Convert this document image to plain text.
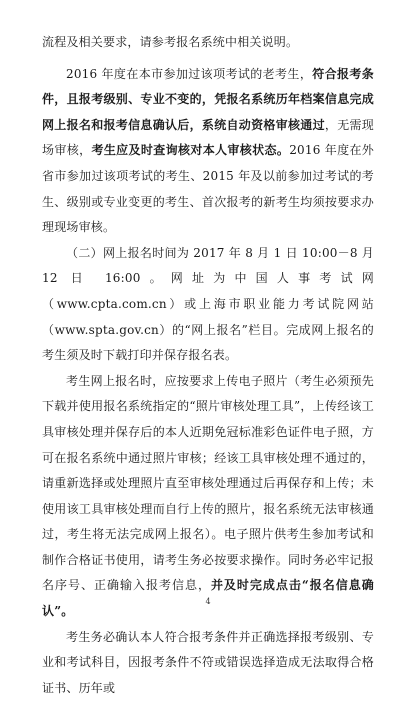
流程及相关要求，请参考报名系统中相关说明。

2016 年度在本市参加过该项考试的老考生，符合报考条件，且报考级别、专业不变的，凭报名系统历年档案信息完成网上报名和报考信息确认后，系统自动资格审核通过，无需现场审核，考生应及时查询核对本人审核状态。2016 年度在外省市参加过该项考试的考生、2015 年及以前参加过考试的考生、级别或专业变更的考生、首次报考的新考生均须按要求办理现场审核。

（二）网上报名时间为 2017 年 8 月 1 日 10:00－8 月 12 日 16:00。网址为中国人事考试网（www.cpta.com.cn）或上海市职业能力考试院网站（www.spta.gov.cn）的“网上报名”栏目。完成网上报名的考生须及时下载打印并保存报名表。

考生网上报名时，应按要求上传电子照片（考生必须预先下载并使用报名系统指定的“照片审核处理工具”，上传经该工具审核处理并保存后的本人近期免冠标准彩色证件电子照，方可在报名系统中通过照片审核；经该工具审核处理不通过的，请重新选择或处理照片直至审核处理通过后再保存和上传；未使用该工具审核处理而自行上传的照片，报名系统无法审核通过，考生将无法完成网上报名）。电子照片供考生参加考试和制作合格证书使用，请考生务必按要求操作。同时务必牢记报名序号、正确输入报考信息，并及时完成点击“报名信息确认”。

考生务必确认本人符合报考条件并正确选择报考级别、专业和考试科目，因报考条件不符或错误选择造成无法取得合格证书、历年或

4
